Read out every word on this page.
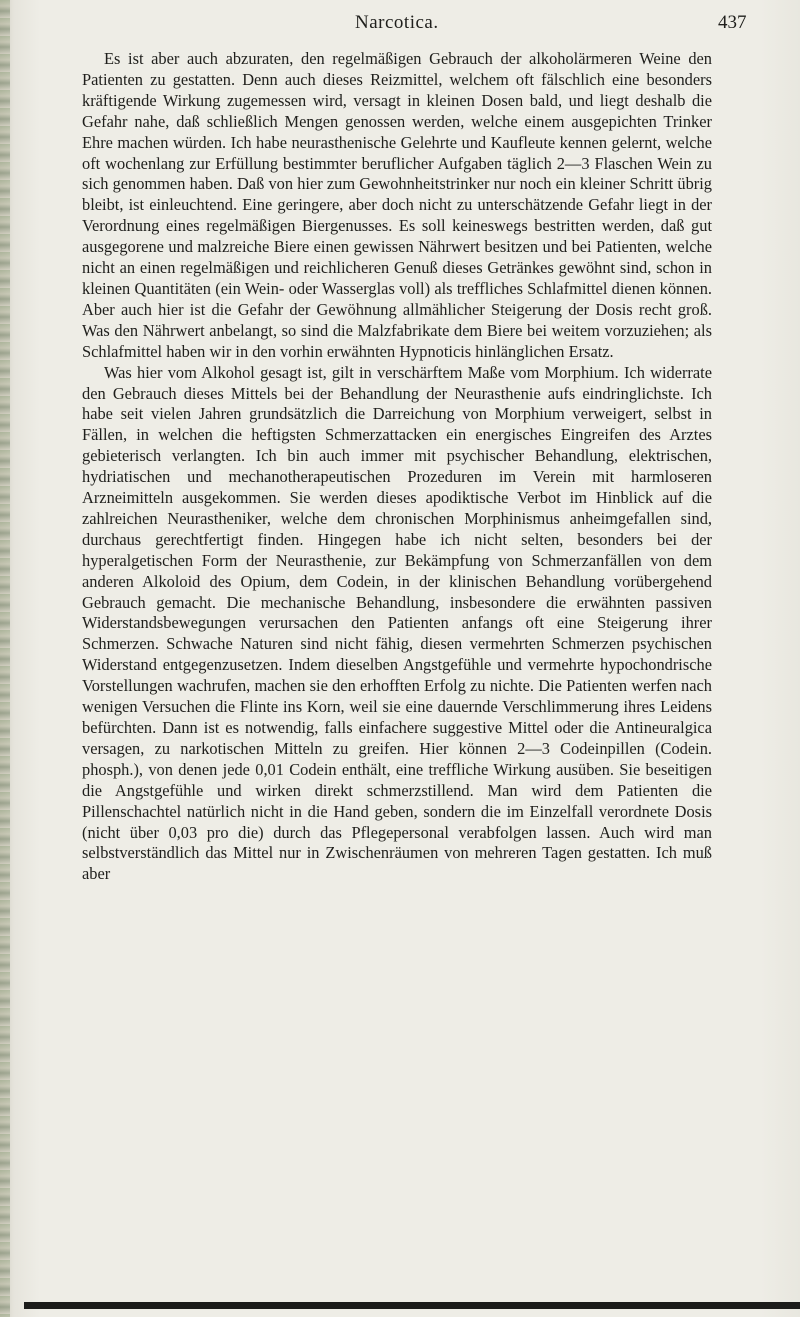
Narcotica.	437

Es ist aber auch abzuraten, den regelmäßigen Gebrauch der alkoholärmeren Weine den Patienten zu gestatten. Denn auch dieses Reizmittel, welchem oft fälschlich eine besonders kräftigende Wirkung zugemessen wird, versagt in kleinen Dosen bald, und liegt deshalb die Gefahr nahe, daß schließlich Mengen genossen werden, welche einem ausgepichten Trinker Ehre machen würden. Ich habe neurasthenische Gelehrte und Kaufleute kennen gelernt, welche oft wochenlang zur Erfüllung bestimmter beruflicher Aufgaben täglich 2—3 Flaschen Wein zu sich genommen haben. Daß von hier zum Gewohnheitstrinker nur noch ein kleiner Schritt übrig bleibt, ist einleuchtend. Eine geringere, aber doch nicht zu unterschätzende Gefahr liegt in der Verordnung eines regelmäßigen Biergenusses. Es soll keineswegs bestritten werden, daß gut ausgegorene und malzreiche Biere einen gewissen Nährwert besitzen und bei Patienten, welche nicht an einen regelmäßigen und reichlicheren Genuß dieses Getränkes gewöhnt sind, schon in kleinen Quantitäten (ein Wein- oder Wasserglas voll) als treffliches Schlafmittel dienen können. Aber auch hier ist die Gefahr der Gewöhnung allmählicher Steigerung der Dosis recht groß. Was den Nährwert anbelangt, so sind die Malzfabrikate dem Biere bei weitem vorzuziehen; als Schlafmittel haben wir in den vorhin erwähnten Hypnoticis hinlänglichen Ersatz.

Was hier vom Alkohol gesagt ist, gilt in verschärftem Maße vom Morphium. Ich widerrate den Gebrauch dieses Mittels bei der Behandlung der Neurasthenie aufs eindringlichste. Ich habe seit vielen Jahren grundsätzlich die Darreichung von Morphium verweigert, selbst in Fällen, in welchen die heftigsten Schmerzattacken ein energisches Eingreifen des Arztes gebieterisch verlangten. Ich bin auch immer mit psychischer Behandlung, elektrischen, hydriatischen und mechanotherapeutischen Prozeduren im Verein mit harmloseren Arzneimitteln ausgekommen. Sie werden dieses apodiktische Verbot im Hinblick auf die zahlreichen Neurastheniker, welche dem chronischen Morphinismus anheimgefallen sind, durchaus gerechtfertigt finden. Hingegen habe ich nicht selten, besonders bei der hyperalgetischen Form der Neurasthenie, zur Bekämpfung von Schmerzanfällen von dem anderen Alkoloid des Opium, dem Codein, in der klinischen Behandlung vorübergehend Gebrauch gemacht. Die mechanische Behandlung, insbesondere die erwähnten passiven Widerstandsbewegungen verursachen den Patienten anfangs oft eine Steigerung ihrer Schmerzen. Schwache Naturen sind nicht fähig, diesen vermehrten Schmerzen psychischen Widerstand entgegenzusetzen. Indem dieselben Angstgefühle und vermehrte hypochondrische Vorstellungen wachrufen, machen sie den erhofften Erfolg zu nichte. Die Patienten werfen nach wenigen Versuchen die Flinte ins Korn, weil sie eine dauernde Verschlimmerung ihres Leidens befürchten. Dann ist es notwendig, falls einfachere suggestive Mittel oder die Antineuralgica versagen, zu narkotischen Mitteln zu greifen. Hier können 2—3 Codeinpillen (Codein. phosph.), von denen jede 0,01 Codein enthält, eine treffliche Wirkung ausüben. Sie beseitigen die Angstgefühle und wirken direkt schmerzstillend. Man wird dem Patienten die Pillenschachtel natürlich nicht in die Hand geben, sondern die im Einzelfall verordnete Dosis (nicht über 0,03 pro die) durch das Pflegepersonal verabfolgen lassen. Auch wird man selbstverständlich das Mittel nur in Zwischenräumen von mehreren Tagen gestatten. Ich muß aber
